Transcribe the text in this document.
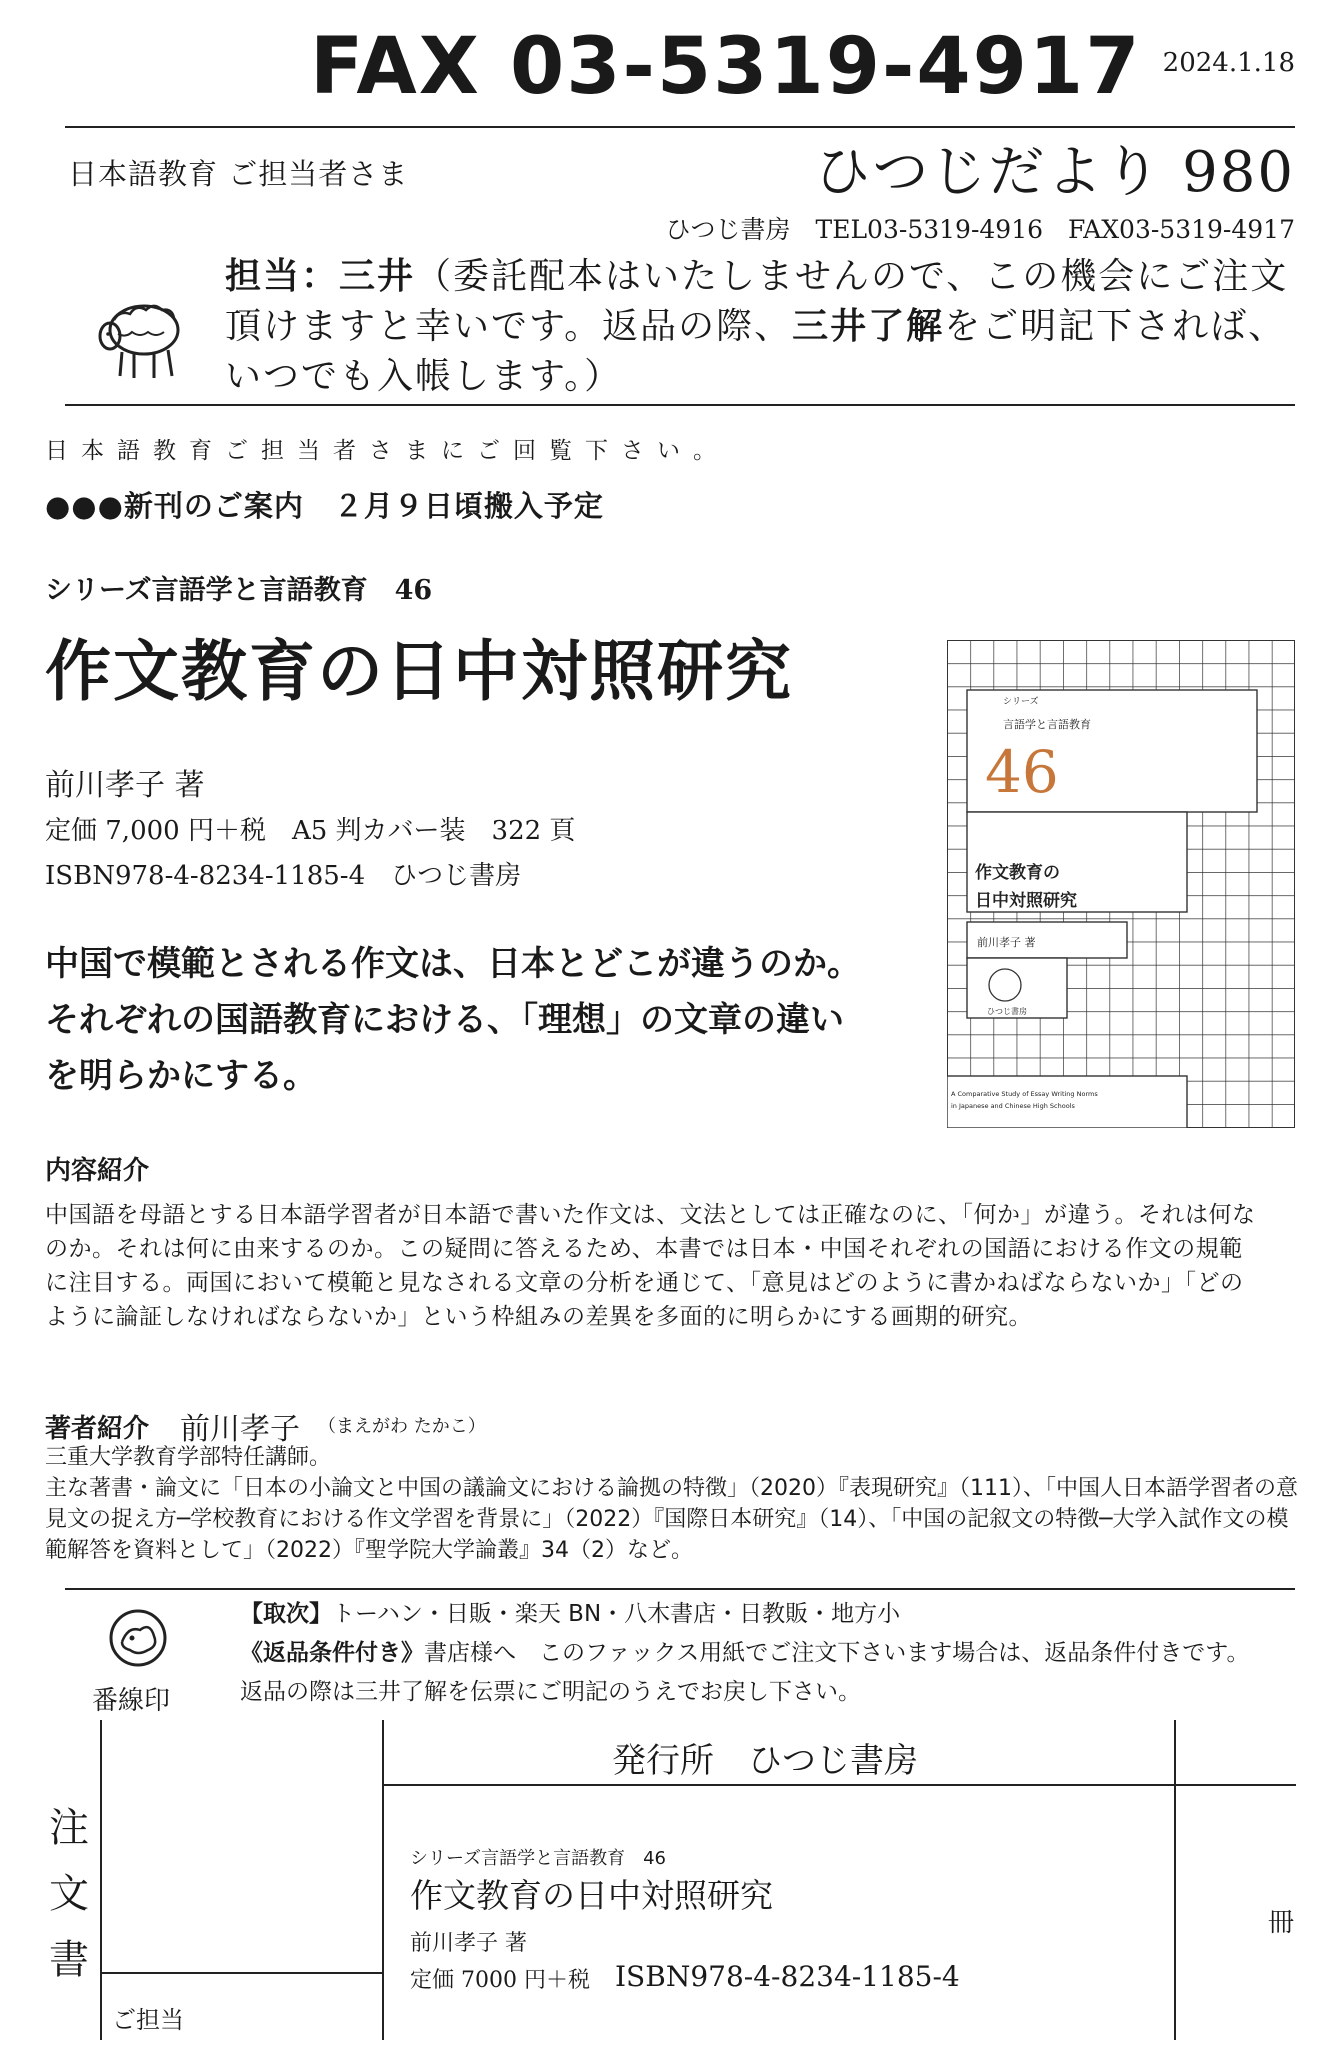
FAX 03-5319-4917 2024.1.18
日本語教育 ご担当者さま	ひつじだより 980
ひつじ書房　TEL03-5319-4916　FAX03-5319-4917
担当：三井（委託配本はいたしませんので、この機会にご注文頂けますと幸いです。返品の際、三井了解をご明記下されば、いつでも入帳します。）
日本語教育ご担当者さまにご回覧下さい。
●●●新刊のご案内　２月９日頃搬入予定
シリーズ言語学と言語教育　46
作文教育の日中対照研究
前川孝子 著
定価 7,000 円＋税　A5 判カバー装　322 頁
ISBN978-4-8234-1185-4　ひつじ書房
中国で模範とされる作文は、日本とどこが違うのか。
それぞれの国語教育における、「理想」の文章の違い
を明らかにする。
シリーズ
言語学と言語教育
46
作文教育の
日中対照研究
前川孝子 著
ひつじ書房
A Comparative Study of Essay Writing Norms
in Japanese and Chinese High Schools
内容紹介
中国語を母語とする日本語学習者が日本語で書いた作文は、文法としては正確なのに、「何か」が違う。それは何なのか。それは何に由来するのか。この疑問に答えるため、本書では日本・中国それぞれの国語における作文の規範に注目する。両国において模範と見なされる文章の分析を通じて、「意見はどのように書かねばならないか」「どのように論証しなければならないか」という枠組みの差異を多面的に明らかにする画期的研究。
著者紹介 前川孝子 （まえがわ たかこ）
三重大学教育学部特任講師。
主な著書・論文に「日本の小論文と中国の議論文における論拠の特徴」（2020）『表現研究』（111）、「中国人日本語学習者の意見文の捉え方─学校教育における作文学習を背景に」（2022）『国際日本研究』（14）、「中国の記叙文の特徴─大学入試作文の模範解答を資料として」（2022）『聖学院大学論叢』34（2）など。
番線印
【取次】トーハン・日販・楽天 BN・八木書店・日教販・地方小
《返品条件付き》書店様へ　このファックス用紙でご注文下さいます場合は、返品条件付きです。
返品の際は三井了解を伝票にご明記のうえでお戻し下さい。
注
文
書
ご担当
発行所　ひつじ書房
シリーズ言語学と言語教育　46
作文教育の日中対照研究
前川孝子 著
定価 7000 円＋税 ISBN978-4-8234-1185-4
冊
